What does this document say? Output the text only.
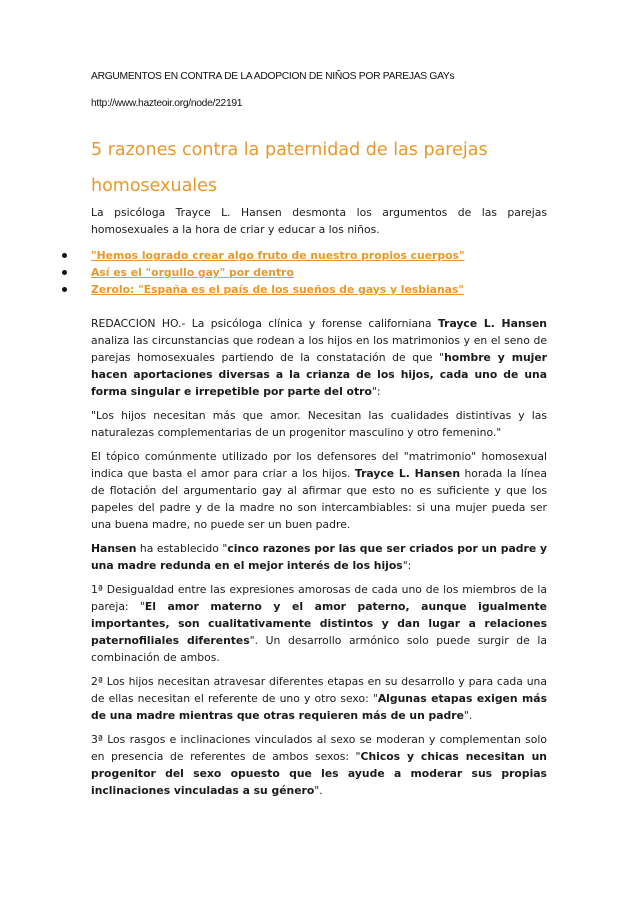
ARGUMENTOS EN CONTRA DE LA ADOPCION DE NIÑOS POR PAREJAS GAYs
http://www.hazteoir.org/node/22191
5 razones contra la paternidad de las parejas homosexuales

La psicóloga Trayce L. Hansen desmonta los argumentos de las parejas homosexuales a la hora de criar y educar a los niños.

"Hemos logrado crear algo fruto de nuestro propios cuerpos"
Así es el "orgullo gay" por dentro
Zerolo: "España es el país de los sueños de gays y lesbianas"

REDACCION HO.- La psicóloga clínica y forense californiana Trayce L. Hansen analiza las circunstancias que rodean a los hijos en los matrimonios y en el seno de parejas homosexuales partiendo de la constatación de que "hombre y mujer hacen aportaciones diversas a la crianza de los hijos, cada uno de una forma singular e irrepetible por parte del otro":

"Los hijos necesitan más que amor. Necesitan las cualidades distintivas y las naturalezas complementarias de un progenitor masculino y otro femenino."

El tópico comúnmente utilizado por los defensores del "matrimonio" homosexual indica que basta el amor para criar a los hijos. Trayce L. Hansen horada la línea de flotación del argumentario gay al afirmar que esto no es suficiente y que los papeles del padre y de la madre no son intercambiables: si una mujer pueda ser una buena madre, no puede ser un buen padre.

Hansen ha establecido "cinco razones por las que ser criados por un padre y una madre redunda en el mejor interés de los hijos":

1ª Desigualdad entre las expresiones amorosas de cada uno de los miembros de la pareja: "El amor materno y el amor paterno, aunque igualmente importantes, son cualitativamente distintos y dan lugar a relaciones paternofiliales diferentes". Un desarrollo armónico solo puede surgir de la combinación de ambos.

2ª Los hijos necesitan atravesar diferentes etapas en su desarrollo y para cada una de ellas necesitan el referente de uno y otro sexo: "Algunas etapas exigen más de una madre mientras que otras requieren más de un padre".

3ª Los rasgos e inclinaciones vinculados al sexo se moderan y complementan solo en presencia de referentes de ambos sexos: "Chicos y chicas necesitan un progenitor del sexo opuesto que les ayude a moderar sus propias inclinaciones vinculadas a su género".
